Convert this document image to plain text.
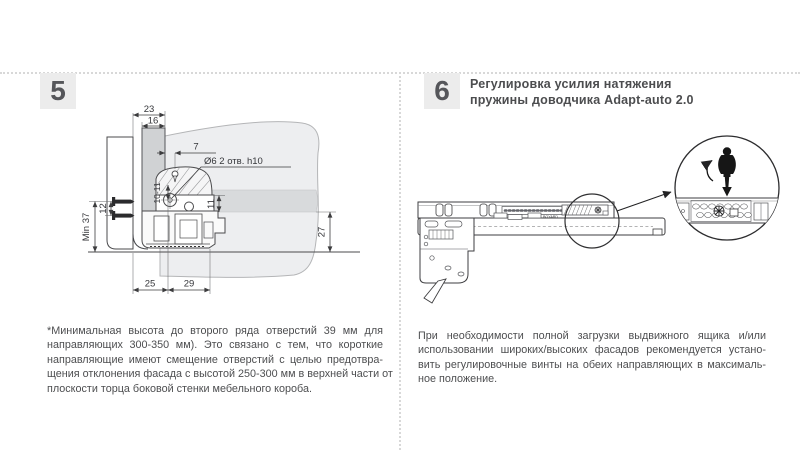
5
23
16
7
Ø6 2 отв. h10
10-11
12
Min 37
11
27
25	29
*Минимальная высота до второго ряда отверстий 39 мм для
направляющих 300-350 мм). Это связано с тем, что короткие
направляющие имеют смещение отверстий с целью предотвра-
щения отклонения фасада с высотой 250-300 мм в верхней части от
плоскости торца боковой стенки мебельного короба.
6 Регулировка усилия натяжения
пружины доводчика Adapt-auto 2.0
BOYARD
При необходимости полной загрузки выдвижного ящика и/или
использовании широких/высоких фасадов рекомендуется устано-
вить регулировочные винты на обеих направляющих в максималь-
ное положение.
